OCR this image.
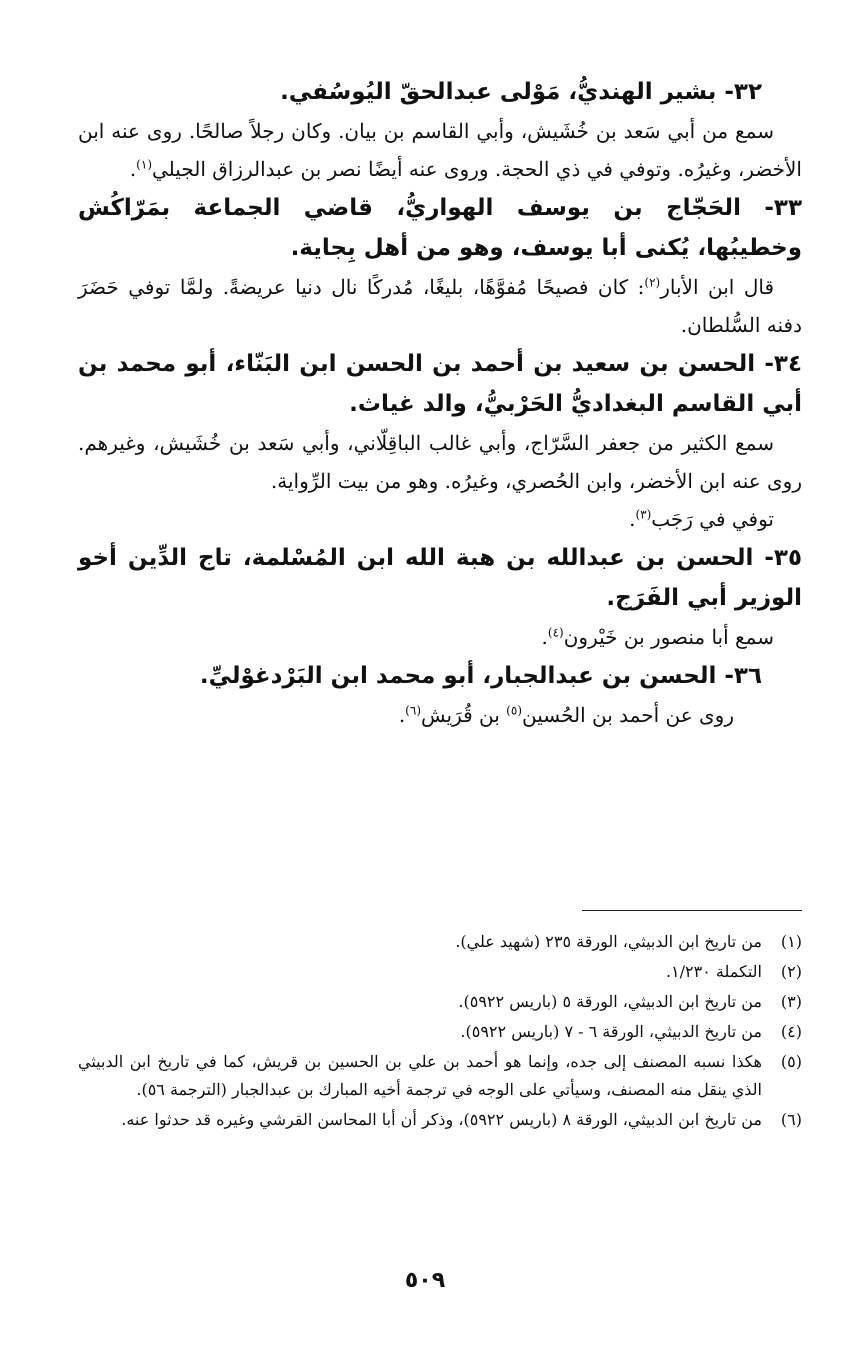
٣٢- بشير الهنديُّ، مَوْلى عبدالحقّ اليُوسُفي.

سمع من أبي سَعد بن خُشَيش، وأبي القاسم بن بيان. وكان رجلاً صالحًا. روى عنه ابن الأخضر، وغيرُه. وتوفي في ذي الحجة. وروى عنه أيضًا نصر بن عبدالرزاق الجيلي$^{(١)}$.

٣٣- الحَجّاج بن يوسف الهواريُّ، قاضي الجماعة بمَرّاكُش وخطيبُها، يُكنى أبا يوسف، وهو من أهل بِجاية.

قال ابن الأبار$^{(٢)}$: كان فصيحًا مُفوَّهًا، بليغًا، مُدركًا نال دنيا عريضةً. ولمَّا توفي حَضَرَ دفنه السُّلطان.

٣٤- الحسن بن سعيد بن أحمد بن الحسن ابن البَنّاء، أبو محمد بن أبي القاسم البغداديُّ الحَرْبيُّ، والد غياث.

سمع الكثير من جعفر السَّرّاج، وأبي غالب الباقِلّاني، وأبي سَعد بن خُشَيش، وغيرهم. روى عنه ابن الأخضر، وابن الحُصري، وغيرُه. وهو من بيت الرِّواية.

توفي في رَجَب$^{(٣)}$.

٣٥- الحسن بن عبدالله بن هبة الله ابن المُسْلمة، تاج الدِّين أخو الوزير أبي الفَرَج.

سمع أبا منصور بن خَيْرون$^{(٤)}$.

٣٦- الحسن بن عبدالجبار، أبو محمد ابن البَرْدغوْليِّ.

روى عن أحمد بن الحُسين$^{(٥)}$ بن قُرَيش$^{(٦)}$.

(١)
من تاريخ ابن الدبيثي، الورقة ٢٣٥ (شهيد علي).
(٢)
التكملة ١/٢٣٠.
(٣)
من تاريخ ابن الدبيثي، الورقة ٥ (باريس ٥٩٢٢).
(٤)
من تاريخ الدبيثي، الورقة ٦ - ٧ (باريس ٥٩٢٢).
(٥)
هكذا نسبه المصنف إلى جده، وإنما هو أحمد بن علي بن الحسين بن قريش، كما في تاريخ ابن الدبيثي الذي ينقل منه المصنف، وسيأتي على الوجه في ترجمة أخيه المبارك بن عبدالجبار (الترجمة ٥٦).
(٦)
من تاريخ ابن الدبيثي، الورقة ٨ (باريس ٥٩٢٢)، وذكر أن أبا المحاسن القرشي وغيره قد حدثوا عنه.
٥٠٩
